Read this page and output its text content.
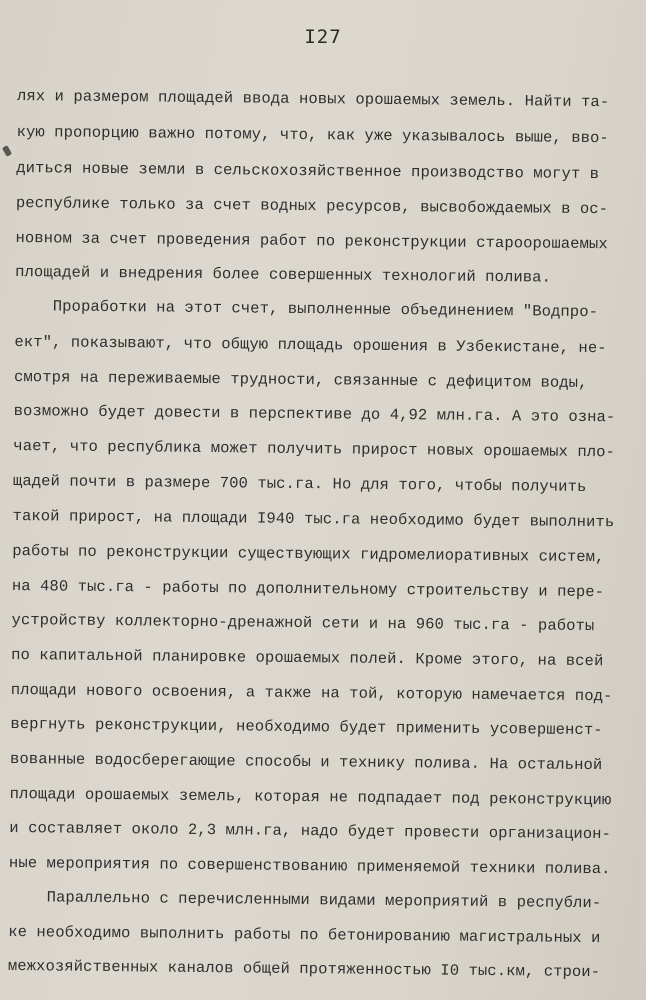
I27
ляx и размером площадей ввода новых орошаемых земель. Найти та-
кую пропорцию важно потому, что, как уже указывалось выше, вво-
диться новые земли в сельскохозяйственное производство могут в
республике только за счет водных ресурсов, высвобождаемых в ос-
новном за счет проведения работ по реконструкции староорошаемых
площадей и внедрения более совершенных технологий полива.
Проработки на этот счет, выполненные объединением "Водпро-
ект", показывают, что общую площадь орошения в Узбекистане, не-
смотря на переживаемые трудности, связанные с дефицитом воды,
возможно будет довести в перспективе до 4,92 млн.га. А это озна-
чает, что республика может получить прирост новых орошаемых пло-
щадей почти в размере 700 тыс.га. Но для того, чтобы получить
такой прирост, на площади I940 тыс.га необходимо будет выполнить
работы по реконструкции существующих гидромелиоративных систем,
на 480 тыс.га - работы по дополнительному строительству и пере-
устройству коллекторно-дренажной сети и на 960 тыс.га - работы
по капитальной планировке орошаемых полей. Кроме этого, на всей
площади нового освоения, а также на той, которую намечается под-
вергнуть реконструкции, необходимо будет применить усовершенст-
вованные водосберегающие способы и технику полива. На остальной
площади орошаемых земель, которая не подпадает под реконструкцию
и составляет около 2,3 млн.га, надо будет провести организацион-
ные мероприятия по совершенствованию применяемой техники полива.
Параллельно с перечисленными видами мероприятий в республи-
ке необходимо выполнить работы по бетонированию магистральных и
межхозяйственных каналов общей протяженностью I0 тыс.км, строи-
